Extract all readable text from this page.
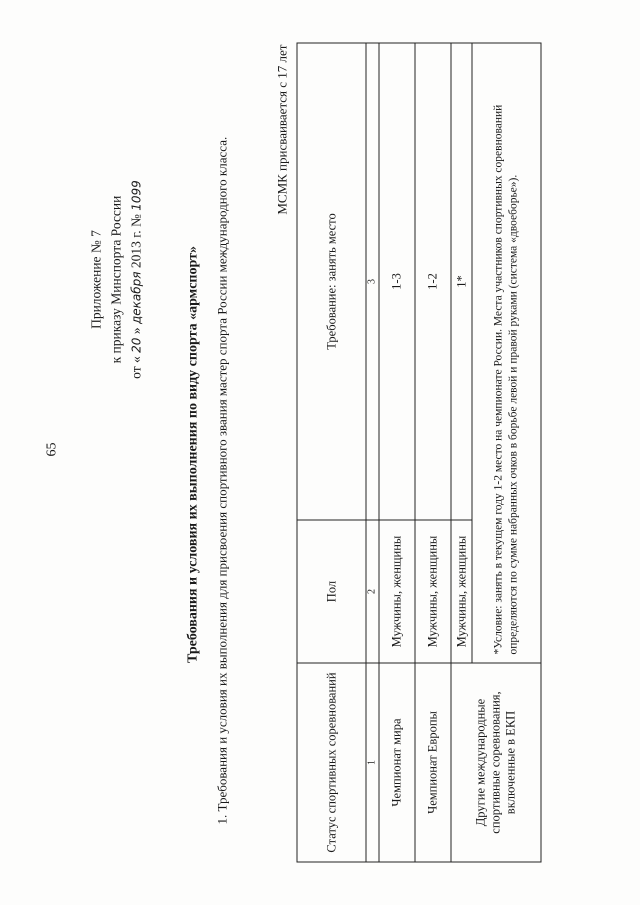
65
Приложение № 7 к приказу Минспорта России
от « 20 » декабря 2013 г. № 1099
Требования и условия их выполнения по виду спорта «армспорт» 1. Требования и условия их выполнения для присвоения спортивного звания мастер спорта России международного класса.
МСМК присваивается с 17 лет
Статус спортивных соревнований	Пол	Требование: занять место
1	2	3
Чемпионат мира	Мужчины, женщины	1-3
Чемпионат Европы	Мужчины, женщины	1-2
Другие международные спортивные соревнования, включенные в ЕКП	Мужчины, женщины	1*
	*Условие: занять в текущем году 1-2 место на чемпионате России. Места участников спортивных соревнований определяются по сумме набранных очков в борьбе левой и правой руками (система «двоеборье»).	
